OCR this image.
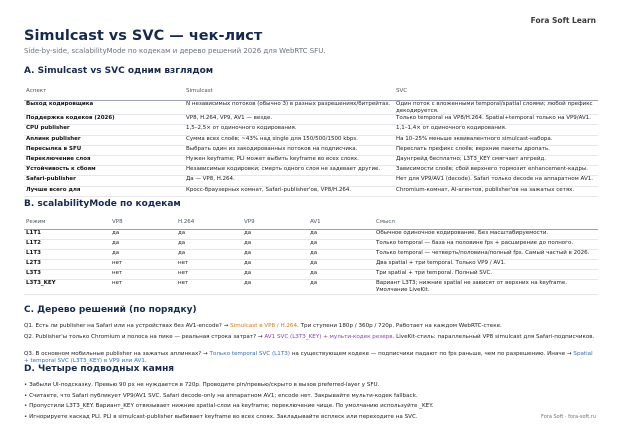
Fora Soft Learn
Simulcast vs SVC — чек-лист
Side-by-side, scalabilityMode по кодекам и дерево решений 2026 для WebRTC SFU.
A. Simulcast vs SVC одним взглядом
Аспект	Simulcast	SVC
Выход кодировщика	N независимых потоков (обычно 3) в разных разрешениях/битрейтах.	Один поток с вложенными temporal/spatial слоями; любой префикс декодируется.
Поддержка кодеков (2026)	VP8, H.264, VP9, AV1 — везде.	Только temporal на VP8/H.264. Spatial+temporal только на VP9/AV1.
CPU publisher	1,5–2,5× от одиночного кодирования.	1,1–1,4× от одиночного кодирования.
Аплинк publisher	Сумма всех слоёв; ~43% над single для 150/500/1500 kbps.	На 10–25% меньше эквивалентного simulcast-набора.
Пересылка в SFU	Выбрать один из закодированных потоков на подписчика.	Переслать префикс слоёв; верхние пакеты дропать.
Переключение слоя	Нужен keyframe; PLI может выбить keyframe во всех слоях.	Даунгрейд бесплатно; L3T3_KEY смягчает апгрейд.
Устойчивость к сбоям	Независимые кодировки; смерть одного слоя не задевает другие.	Зависимости слоёв; сбой верхнего тормозит enhancement-кадры.
Safari-publisher	Да — VP8, H.264.	Нет для VP9/AV1 (decode). Safari только decode на аппаратном AV1.
Лучше всего для	Кросс-браузерных комнат, Safari-publisher'ов, VP8/H.264.	Chromium-комнат, AI-агентов, publisher'ов на зажатых сетях.
B. scalabilityMode по кодекам
Режим	VP8	H.264	VP9	AV1	Смысл
L1T1	да	да	да	да	Обычное одиночное кодирование. Без масштабируемости.
L1T2	да	да	да	да	Только temporal — база на половине fps + расширение до полного.
L1T3	да	да	да	да	Только temporal — четверть/половина/полный fps. Самый частый в 2026.
L2T3	нет	нет	да	да	Два spatial + три temporal. Только VP9 / AV1.
L3T3	нет	нет	да	да	Три spatial + три temporal. Полный SVC.
L3T3_KEY	нет	нет	да	да	Вариант L3T3; нижние spatial не зависят от верхних на keyframe. Умолчание LiveKit.
C. Дерево решений (по порядку)
Q1. Есть ли publisher на Safari или на устройствах без AV1-encode? → Simulcast в VP8 / H.264. Три ступени 180p / 360p / 720p. Работает на каждом WebRTC-стеке.
Q2. Publisher'ы только Chromium и полоса на пике — реальная строка затрат? → AV1 SVC (L3T3_KEY) + мульти-кодек резерв. LiveKit-стиль: параллельный VP8 simulcast для Safari-подписчиков.
Q3. В основном мобильные publisher на зажатых аплинках? → Только temporal SVC (L1T3) на существующем кодеке — подписчики падают по fps раньше, чем по разрешению. Иначе → Spatial + temporal SVC (L3T3_KEY) в VP9 или AV1.
D. Четыре подводных камня
• Забыли UI-подсказку. Превью 90 px не нуждается в 720p. Проводите pin/превью/скрыто в вызов preferred-layer у SFU.
• Считаете, что Safari публикует VP9/AV1 SVC. Safari decode-only на аппаратном AV1; encode нет. Закрывайте мульти-кодек fallback.
• Пропустили L3T3_KEY. Вариант_KEY отвязывает нижние spatial-слои на keyframe; переключение чище. По умолчанию используйте _KEY.
• Игнорируете каскад PLI. PLI в simulcast-publisher выбивает keyframe во всех слоях. Закладывайте всплеск или переходите на SVC.	Fora Soft · fora-soft.ru
